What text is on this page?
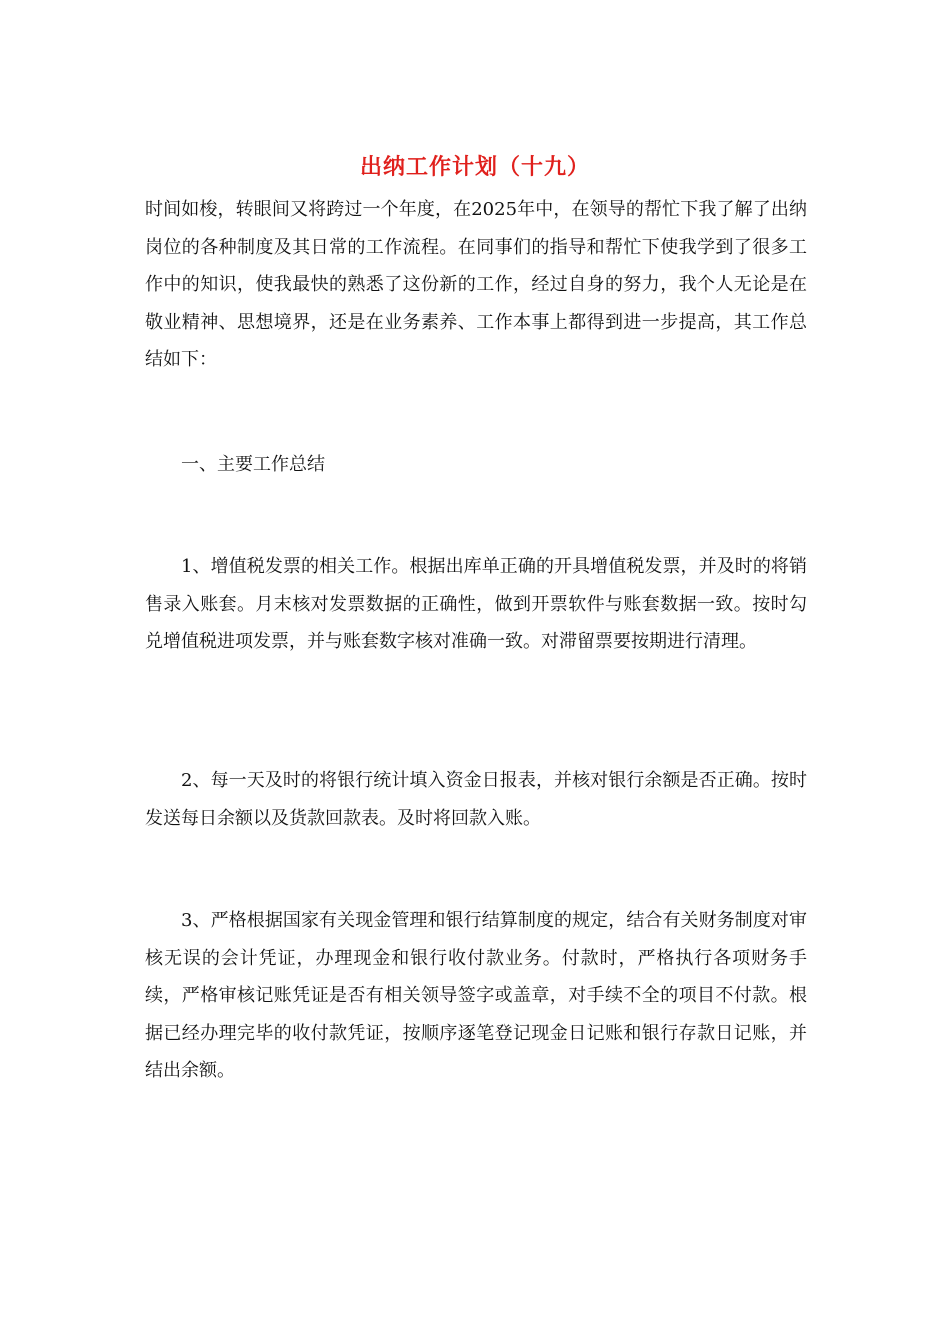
出纳工作计划（十九）
时间如梭，转眼间又将跨过一个年度，在2025年中，在领导的帮忙下我了解了出纳岗位的各种制度及其日常的工作流程。在同事们的指导和帮忙下使我学到了很多工作中的知识，使我最快的熟悉了这份新的工作，经过自身的努力，我个人无论是在敬业精神、思想境界，还是在业务素养、工作本事上都得到进一步提高，其工作总结如下：
一、主要工作总结
1、增值税发票的相关工作。根据出库单正确的开具增值税发票，并及时的将销售录入账套。月末核对发票数据的正确性，做到开票软件与账套数据一致。按时勾兑增值税进项发票，并与账套数字核对准确一致。对滞留票要按期进行清理。
2、每一天及时的将银行统计填入资金日报表，并核对银行余额是否正确。按时发送每日余额以及货款回款表。及时将回款入账。
3、严格根据国家有关现金管理和银行结算制度的规定，结合有关财务制度对审核无误的会计凭证，办理现金和银行收付款业务。付款时，严格执行各项财务手续，严格审核记账凭证是否有相关领导签字或盖章，对手续不全的项目不付款。根据已经办理完毕的收付款凭证，按顺序逐笔登记现金日记账和银行存款日记账，并结出余额。
